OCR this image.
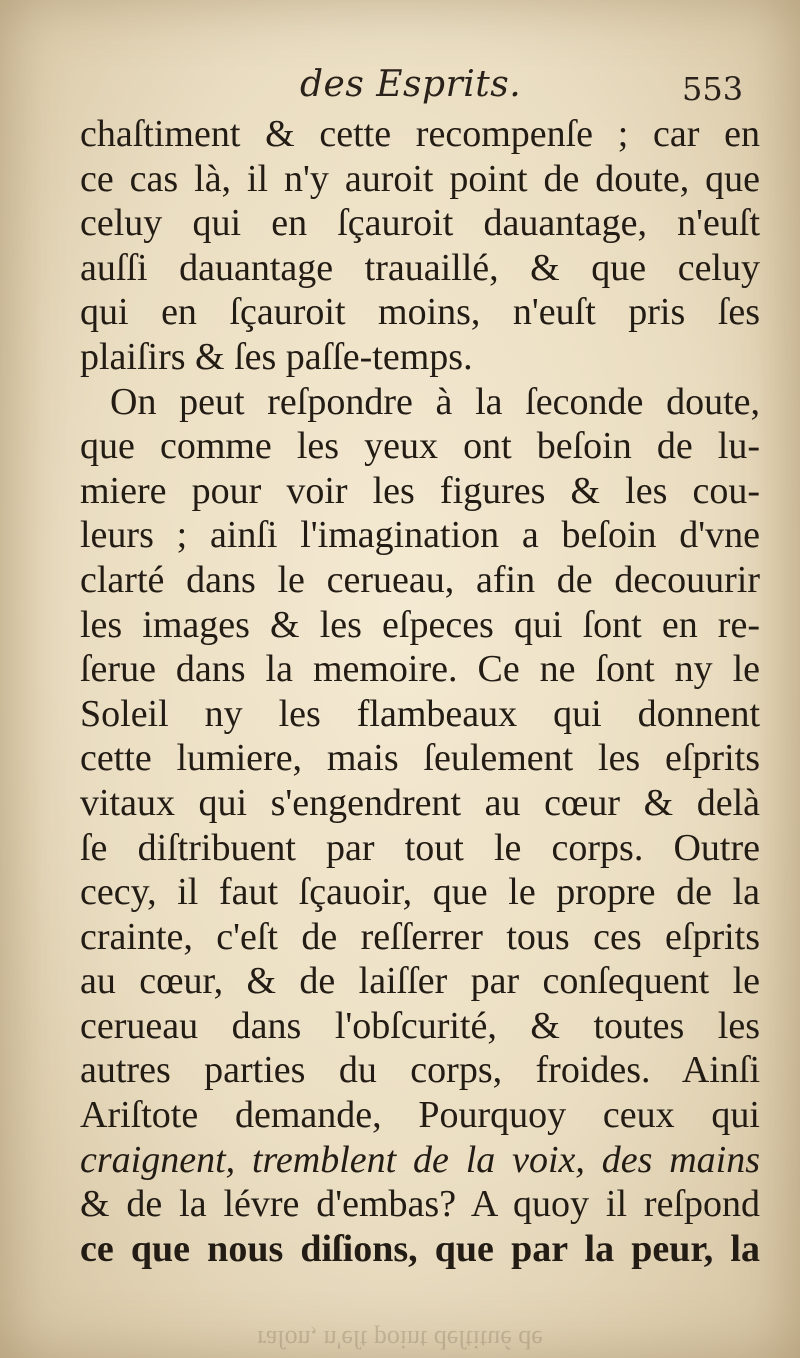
des Esprits.	553
chaſtiment & cette recompenſe ; car en
ce cas là, il n'y auroit point de doute, que
celuy qui en ſçauroit dauantage, n'euſt
auſſi dauantage trauaillé, & que celuy
qui en ſçauroit moins, n'euſt pris ſes
plaiſirs & ſes paſſe-temps.
On peut reſpondre à la ſeconde doute,
que comme les yeux ont beſoin de lu-
miere pour voir les figures & les cou-
leurs ; ainſi l'imagination a beſoin d'vne
clarté dans le cerueau, afin de decouurir
les images & les eſpeces qui ſont en re-
ſerue dans la memoire. Ce ne ſont ny le
Soleil ny les flambeaux qui donnent
cette lumiere, mais ſeulement les eſprits
vitaux qui s'engendrent au cœur & delà
ſe diſtribuent par tout le corps. Outre
cecy, il faut ſçauoir, que le propre de la
crainte, c'eſt de reſſerrer tous ces eſprits
au cœur, & de laiſſer par conſequent le
cerueau dans l'obſcurité, & toutes les
autres parties du corps, froides. Ainſi
Ariſtote demande, Pourquoy ceux qui
craignent, tremblent de la voix, des mains
& de la lévre d'embas? A quoy il reſpond
ce que nous diſions, que par la peur, la
raſon, n'eſt point deſtitué de
